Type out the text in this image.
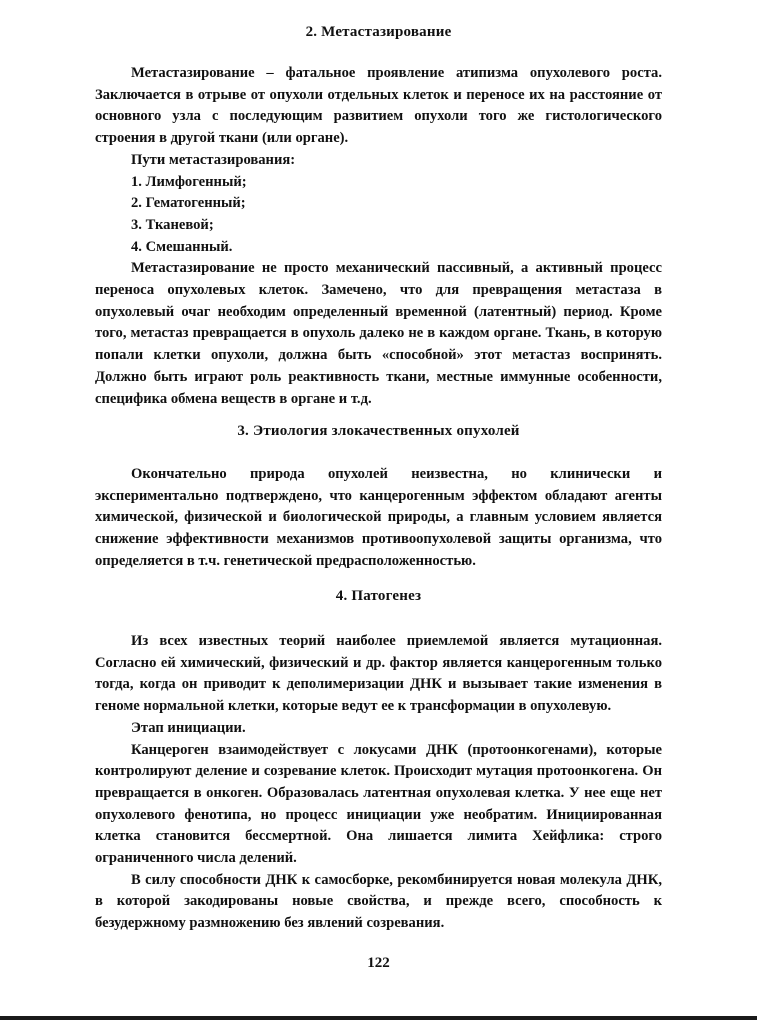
2. Метастазирование

Метастазирование – фатальное проявление атипизма опухолевого роста. Заключается в отрыве от опухоли отдельных клеток и переносе их на расстояние от основного узла с последующим развитием опухоли того же гистологического строения в другой ткани (или органе).

Пути метастазирования:

1. Лимфогенный;

2. Гематогенный;

3. Тканевой;

4. Смешанный.

Метастазирование не просто механический пассивный, а активный процесс переноса опухолевых клеток. Замечено, что для превращения метастаза в опухолевый очаг необходим определенный временной (латентный) период. Кроме того, метастаз превращается в опухоль далеко не в каждом органе. Ткань, в которую попали клетки опухоли, должна быть «способной» этот метастаз воспринять. Должно быть играют роль реактивность ткани, местные иммунные особенности, специфика обмена веществ в органе и т.д.

3. Этиология злокачественных опухолей

Окончательно природа опухолей неизвестна, но клинически и экспериментально подтверждено, что канцерогенным эффектом обладают агенты химической, физической и биологической природы, а главным условием является снижение эффективности механизмов противоопухолевой защиты организма, что определяется в т.ч. генетической предрасположенностью.

4. Патогенез

Из всех известных теорий наиболее приемлемой является мутационная. Согласно ей химический, физический и др. фактор является канцерогенным только тогда, когда он приводит к деполимеризации ДНК и вызывает такие изменения в геноме нормальной клетки, которые ведут ее к трансформации в опухолевую.

Этап инициации.

Канцероген взаимодействует с локусами ДНК (протоонкогенами), которые контролируют деление и созревание клеток. Происходит мутация протоонкогена. Он превращается в онкоген. Образовалась латентная опухолевая клетка. У нее еще нет опухолевого фенотипа, но процесс инициации уже необратим. Инициированная клетка становится бессмертной. Она лишается лимита Хейфлика: строго ограниченного числа делений.

В силу способности ДНК к самосборке, рекомбинируется новая молекула ДНК, в которой закодированы новые свойства, и прежде всего, способность к безудержному размножению без явлений созревания.

122
